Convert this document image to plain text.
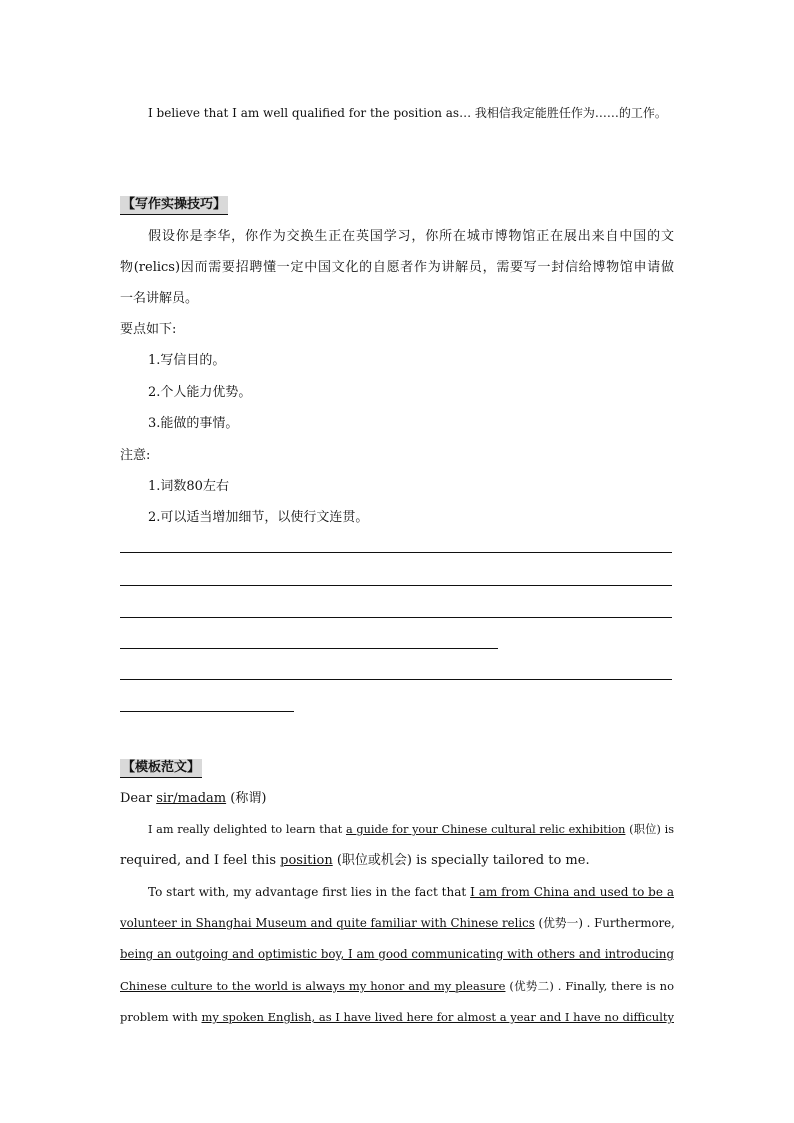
I believe that I am well qualified for the position as… 我相信我定能胜任作为……的工作。
【写作实操技巧】
假设你是李华，你作为交换生正在英国学习，你所在城市博物馆正在展出来自中国的文
物(relics)因而需要招聘懂一定中国文化的自愿者作为讲解员，需要写一封信给博物馆申请做
一名讲解员。
要点如下:
1.写信目的。
2.个人能力优势。
3.能做的事情。
注意:
1.词数80左右
2.可以适当增加细节，以使行文连贯。
【模板范文】
Dear sir/madam (称谓)
I am really delighted to learn that a guide for your Chinese cultural relic exhibition (职位) is
required, and I feel this position (职位或机会) is specially tailored to me.
To start with, my advantage first lies in the fact that I am from China and used to be a
volunteer in Shanghai Museum and quite familiar with Chinese relics (优势一) . Furthermore,
being an outgoing and optimistic boy, I am good communicating with others and introducing
Chinese culture to the world is always my honor and my pleasure (优势二) . Finally, there is no
problem with my spoken English, as I have lived here for almost a year and I have no difficulty
